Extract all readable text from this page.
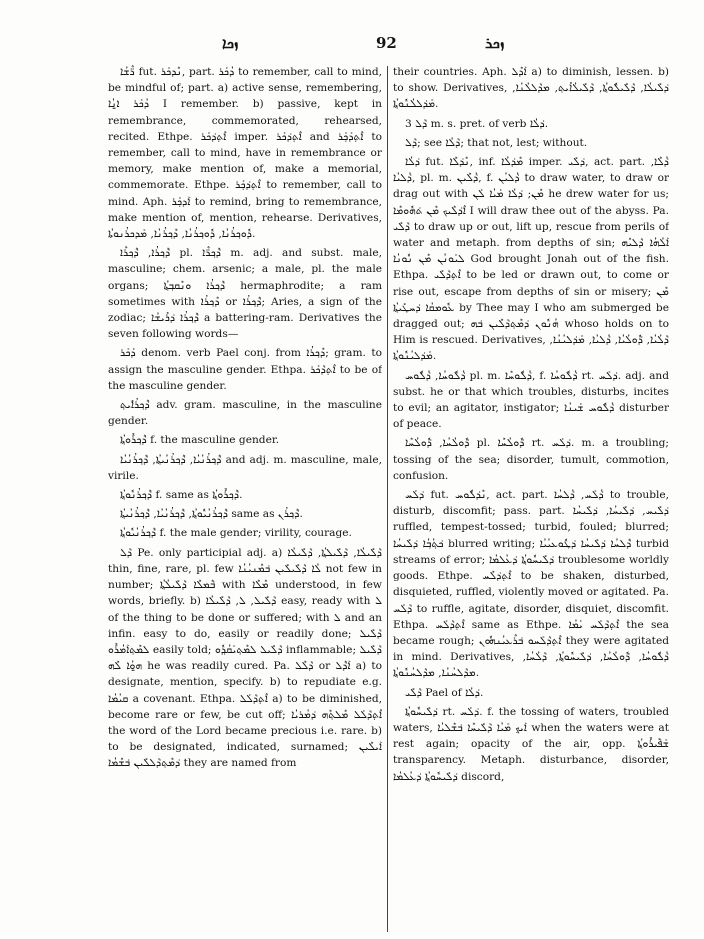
ܙܟܐ	92	ܙܟܪ

ܪ̈ܶܫܳܐ fut. ܢܶܕܟܰܪ, part. ܕܳܟܰܪ to remember, call to mind, be mindful of; part. a) active sense, remembering, ܕܳܟܰܪ ܐ̱ܢܳܐ I remember. b) passive, kept in remembrance, commemorated, rehearsed, recited. Ethpe. ܐܶܬ̣ܕ݁ܟܰܪ imper. ܐܶܬ̣ܕ݁ܟܰܪ and ܐܶܬ̣ܕܰܟ̣ܰܪ to remember, call to mind, have in remembrance or memory, make mention of, make a memorial, commemorate. Ethpe. ܐܶܬ̣ܕ݁ܟ̣ܰܪ to remember, call to mind. Aph. ܐܰܕܟ̣ܰܪ to remind, bring to remembrance, make mention of, mention, rehearse. Derivatives, ܕܽܘܟ݂ܪܳܢܳܐ, ܕܽܘܟ݂ܪܳܢܳܐ, ܕܶܟ݂ܪܳܢܳܐ, ܡܰܕܟܪܳܢܘܬܳܐ.

ܕ݁ܶܟ݂ܪܳܐ, ܕ݁ܶܟ݂ܪܶܐ pl. ܕ݁ܶܟ݂ܪ̈ܶܐ m. adj. and subst. male, masculine; chem. arsenic; a male, pl. the male organs; ܕ݁ܶܟ݂ܪܳܐ ܘܢܶܩܒ݂ܬ݂ܳܐ hermaphrodite; a ram sometimes with ܕܶܟ݂ܪܳܐ or ܕ݁ܶܟ݂ܪܳܐ; Aries, a sign of the zodiac; ܕ݁ܶܟ݂ܪܳܐ ܕ݁ܪܺܝܫܳܐ a battering-ram. Derivatives the seven following words—

ܕܰܟܰܪ denom. verb Pael conj. from ܕܶܟ݂ܪܳܐ; gram. to assign the masculine gender. Ethpa. ܐܶܬ̣ܕ݁ܰܟܰܪ to be of the masculine gender.

ܕ݁ܶܟ݂ܪܳܐܺܝܬ݂ adv. gram. masculine, in the masculine gender.

ܕ݁ܶܟ݂ܪܽܘܬ݂ܳܐ f. the masculine gender.

ܕ݁ܶܟ݂ܪܳܢܳܝܳܐ, ܕ݁ܶܟ݂ܪܳܢܳܝܬ݂ܳܐ, ܕ݁ܶܟ݂ܪܳܢܳܝܳܐ and adj. m. masculine, male, virile.

ܕ݁ܶܟ݂ܪܳܢܽܘܬ݂ܳܐ f. same as ܕ݁ܶܟ݂ܪܽܘܬ݂ܳܐ.

ܕ݁ܶܟ݂ܪܳܢܳܝܽܘܬ݂ܳܐ, ܕ݁ܶܟ݂ܪܳܢܳܝܳܐ, ܕ݁ܶܟ݂ܪܳܢܳܝܬ݂ܳܐ same as ܕ݁ܶܟ݂ܪܳܢ.

ܕ݁ܶܟ݂ܪܳܢܳܝܽܘܬ݂ܳܐ f. the male gender; virility, courage.

ܕ݁ܰܠ Pe. only participial adj. a) ܕ݁ܰܠܺܝܠܳܐ, ܕ݁ܰܠܺܝܠܬ݂ܳܐ, ܕ݁ܰܠܺܝܠܳܐ thin, fine, rare, pl. few ܠܳܐ ܕ݁ܰܠܺܝܠܺܝܢ ܒ݁ܡܶܢܝܳܢܳܐ not few in number; ܒ݁ܶܡܠܶܐ ܕ݁ܰܠܺܝܠܳܬ݂ܳܐ with ܡܶܠܶܐ understood, in few words, briefly. b) ܕ݁ܰܠܺܝܠ, ܠ, ܕ݁ܰܠܺܝܠܳܐ easy, ready with ܠ of the thing to be done or suffered; with ܠ and an infin. easy to do, easily or readily done; ܕ݁ܰܠܺܝܠ ܠܡܶܬ݂ܐܰܡܳܪܽܘ easily told; ܕ݁ܰܠܺܝܠ ܠܡܶܬ݂ܝܰܩܳܕ݂ܽܘ inflammable; ܕ݁ܰܠܺܝܠ ܗ̱ܘܳܐ ܠܶܗ he was readily cured. Pa. ܕ݁ܰܠܶܠ or ܐܰܕ݁ܶܠ a) to designate, mention, specify. b) to repudiate e.g. ܩܝܳܡܳܐ a covenant. Ethpa. ܐܶܬ̣ܕ݁ܰܠܰܠ a) to be diminished, become rare or few, be cut off; ܐܶܬ̣ܕ݁ܰܠܰܠ ܡܶܠܬ݂ܶܗ ܕ݁ܡܳܪܝܳܐ the word of the Lord became precious i.e. rare. b) to be designated, indicated, surnamed; ܐܰܝܠܶܝܢ ܕ݁ܡܶܬ݂ܕ݁ܰܠܠܺܝܢ ܒ݁ܫܶܡܳܐ they are named from

their countries. Aph. ܐܰܕܶܠ a) to diminish, lessen. b) to show. Derivatives, ܕ݁ܠܺܝܠܳܐ, ܕ݁ܰܠܺܝܠܽܘܬ݂ܳܐ, ܕ݁ܰܠܺܝܠܳܐܺܝܬ݂, ܡܕ݁ܰܠܠܳܢܳܐ, ܡܰܕ݁ܠܠܳܢܽܘܬ݂ܳܐ.

ܕ݁ܰܠ 3 m. s. pret. of verb ܕ݁ܠܳܐ.

ܕ݁ܰܠ; see ܕ݁ܰܠܳܐ; that not, lest; without.

ܕ݁ܠܳܐ fut. ܢܶܕ݁ܠܶܐ, inf. ܡܶܕ݁ܠܳܐ imper. ܕ݁ܠܺܝ, act. part. ܕ݁ܳܠܶܐ, ܕ݁ܳܠܝܳܐ, pl. m. ܕ݁ܳܠܶܝܢ, f. ܕ݁ܳܠܝܳܢ to draw water, to draw or drag out with ܡܶܢ; ܕ݁ܠܳܐ ܡܰܝܳܐ ܠܰܢ he drew water for us; ܐܶܕ݁ܠܶܝܟ ܡܶܢ ܬ݁ܗܽܘܡܶܐ I will draw thee out of the abyss. Pa. ܕ݁ܰܠܺܝ to draw up or out, lift up, rescue from perils of water and metaph. from depths of sin; ܐܰܠܳܗܳܐ ܕ݁ܰܠܝܶܗ ܠܝܰܘܢܳܢ ܡܶܢ ܢܽܘܢܳܐ God brought Jonah out of the fish. Ethpa. ܐܶܬ̣ܕ݁ܰܠܺܝ to be led or drawn out, to come or rise out, escape from depths of sin or misery; ܡܶܢ ܥܽܘܡܩܳܐ ܕ݁ܚܛܺܝܬ݂ܳܐ by Thee may I who am submerged be dragged out; ܗܳܢܽܘܢ ܕ݁ܡܶܬ݂ܕ݁ܰܠܶܝܢ ܒ݁ܗ whoso holds on to Him is rescued. Derivatives, ܕ݁ܰܠܳܝܳܐ, ܕ݁ܽܘܠܳܝܳܐ, ܕ݁ܳܠܝܳܐ, ܡܰܕ݁ܠܝܳܢܳܐ, ܡܰܕ݁ܠܝܳܢܽܘܬ݂ܳܐ.

ܕ݁ܳܠܽܘܚܳܐ, ܕ݁ܳܠܽܘܚ pl. m. ܕ݁ܳܠܽܘܚܶܐ, f. ܕ݁ܳܠܽܘܚܳܐ rt. ܕ݁ܠܰܚ. adj. and subst. he or that which troubles, disturbs, incites to evil; an agitator, instigator; ܕ݁ܳܠܽܘܚ ܫܰܝܢܳܐ disturber of peace.

ܕ݁ܽܘܠܳܚܳܐ, ܕ݁ܽܘܠܳܚܶܐ pl. ܕ݁ܽܘܠܳܚܶܐ rt. ܕ݁ܠܰܚ. m. a troubling; tossing of the sea; disorder, tumult, commotion, confusion.

ܕ݁ܠܰܚ fut. ܢܶܕ݁ܠܽܘܚ, act. part. ܕ݁ܳܠܰܚ, ܕ݁ܳܠܚܳܐ to trouble, disturb, discomfit; pass. part. ܕ݁ܠܺܝܚ, ܕ݁ܠܺܝܚܳܐ, ܕ݁ܠܺܝܚܳܐ ruffled, tempest-tossed; turbid, fouled; blurred; ܟ݁ܬ݂ܳܒ݂ܳܐ ܕ݁ܠܺܝܚܳܐ blurred writing; ܕ݁ܶܠܚܳܐ ܕ݁ܠܺܝܚܳܐ ܕ݁ܛܽܘܥܝܳܝܳܐ turbid streams of error; ܕ݁ܠܺܝܚܽܘܬ݂ܳܐ ܕ݁ܥܳܠܡܳܐ troublesome worldly goods. Ethpe. ܐܶܬ̣ܕ݁ܠܶܚ to be shaken, disturbed, disquieted, ruffled, violently moved or agitated. Pa. ܕ݁ܰܠܰܚ to ruffle, agitate, disorder, disquiet, discomfit. Ethpa. ܐܶܬ̣ܕ݁ܰܠܰܚ same as Ethpe. ܐܶܬ̣ܕ݁ܰܠܰܚ ܝܰܡܳܐ the sea became rough; ܐܶܬ̣ܕ݁ܰܠܰܚܘ ܒ݁ܪܶܥܝܳܢܗܽܘܢ they were agitated in mind. Derivatives, ܕ݁ܳܠܽܘܚܳܐ, ܕ݁ܽܘܠܳܚܳܐ, ܕ݁ܠܺܝܚܽܘܬ݂ܳܐ, ܕ݁ܰܠܳܚܳܐ, ܡܕ݁ܰܠܚܳܢܳܐ, ܡܕ݁ܰܠܚܳܢܽܘܬ݂ܳܐ.

ܕ݁ܰܠܺܝ Pael of ܕ݁ܠܳܐ.

ܕ݁ܠܺܝܚܽܘܬ݂ܳܐ rt. ܕ݁ܠܰܚ. f. the tossing of waters, troubled waters, ܐܰܝܟ݂ ܡܰܝܳܐ ܕ݁ܰܠܺܝܚܶܐ ܒ݁ܫܶܠܝܳܐ when the waters were at rest again; opacity of the air, opp. ܫܰܦ݁ܺܝܪܽܘܬ݂ܳܐ transparency. Metaph. disturbance, disorder, ܕ݁ܠܺܝܚܽܘܬ݂ܳܐ ܕ݁ܥܳܠܡܳܐ discord,
